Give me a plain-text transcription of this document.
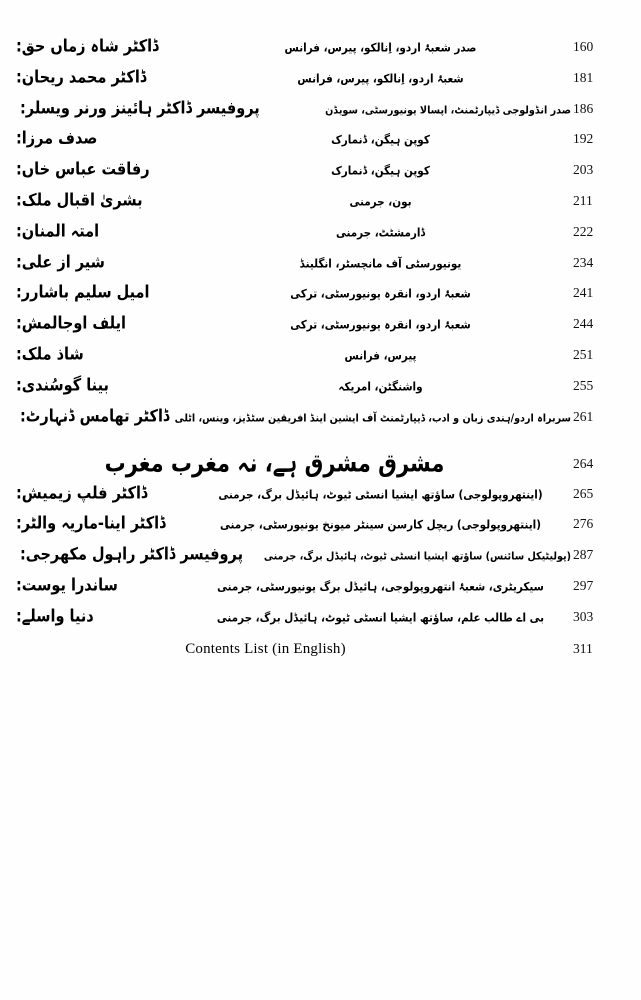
ڈاکٹر شاہ زماں حق:	صدر شعبۂ اردو، اِنالکو، پیرس، فرانس	160
ڈاکٹر محمد ریحان:	شعبۂ اردو، اِنالکو، پیرس، فرانس	181
پروفیسر ڈاکٹر ہائینز ورنر ویسلر:	صدر انڈولوجی ڈیپارٹمنٹ، اپسالا یونیورسٹی، سویڈن 186
صدف مرزا:	کوپن ہیگن، ڈنمارک	192
رفاقت عباس خاں:	کوپن ہیگن، ڈنمارک	203
بشریٰ اقبال ملک:	بون، جرمنی	211
امتہ المنان:	ڈارمشٹٹ، جرمنی	222
شیر از علی:	یونیورسٹی آف مانچسٹر، انگلینڈ	234
امیل سلیم باشارر:	شعبۂ اردو، انقرہ یونیورسٹی، ترکی	241
ایلف اوجالمش:	شعبۂ اردو، انقرہ یونیورسٹی، ترکی	244
شاذ ملک:	پیرس، فرانس	251
بینا گوسُندی:	واشنگٹن، امریکہ	255
ڈاکٹر تھامس ڈنہارٹ: سربراہ اردو/ہندی زبان و ادب، ڈیپارٹمنٹ آف ایشین اینڈ افریقین سٹڈیز، وینس، اٹلی 261
مشرق مشرق ہے، نہ مغرب مغرب	264
ڈاکٹر فلپ زیمیش:	(اینتھروپولوجی) ساؤتھ ایشیا انسٹی ٹیوٹ، ہائیڈل برگ، جرمنی	265
ڈاکٹر اینا-ماریہ والٹر:	(اینتھروپولوجی) ریچل کارسن سینٹر میونخ یونیورسٹی، جرمنی	276
پروفیسر ڈاکٹر راہول مکھرجی:	(پولیٹیکل سائنس) ساؤتھ ایشیا انسٹی ٹیوٹ، ہائیڈل برگ، جرمنی 287
ساندرا یوست:	سیکریٹری، شعبۂ انتھروپولوجی، ہائیڈل برگ یونیورسٹی، جرمنی	297
دنیا واسلے:	بی اے طالب علم، ساؤتھ ایشیا انسٹی ٹیوٹ، ہائیڈل برگ، جرمنی	303
Contents List (in English)	311
